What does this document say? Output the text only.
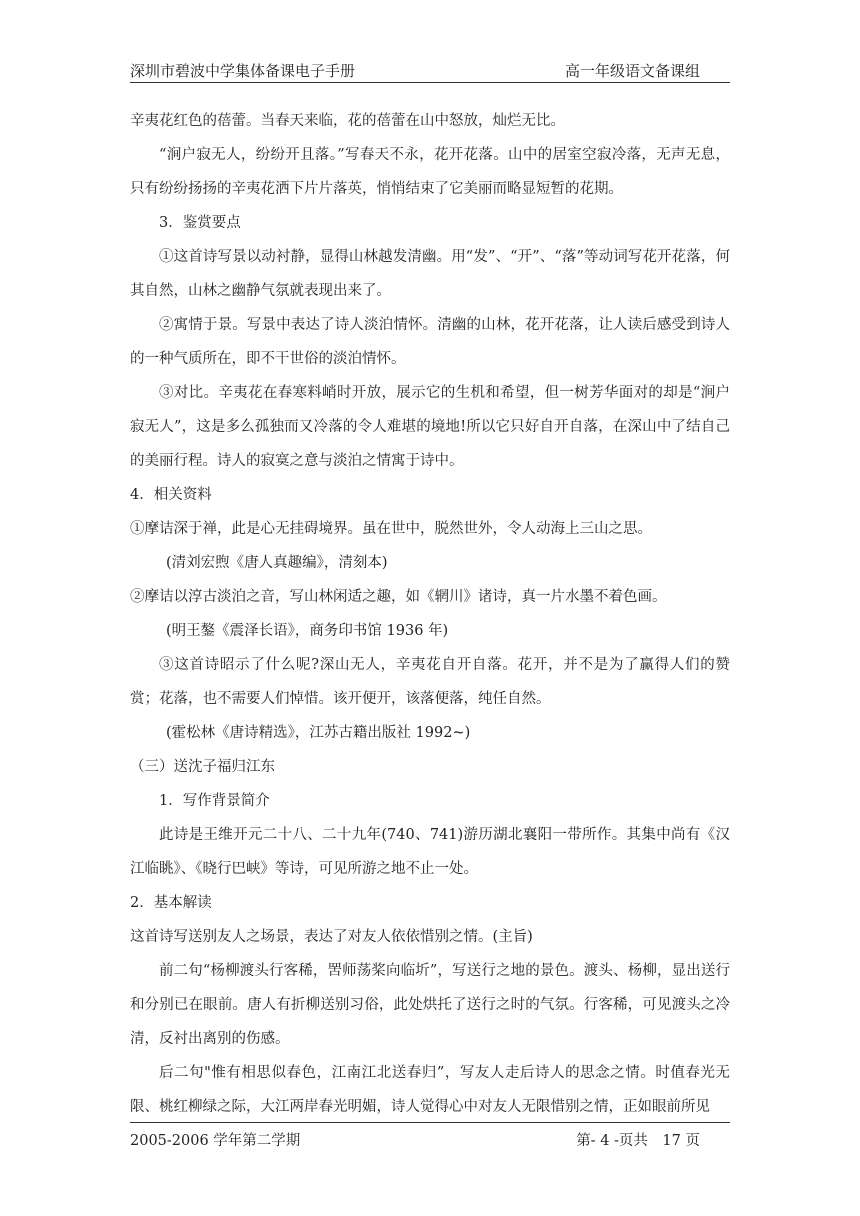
深圳市碧波中学集体备课电子手册	高一年级语文备课组

辛夷花红色的蓓蕾。当春天来临，花的蓓蕾在山中怒放，灿烂无比。

“涧户寂无人，纷纷开且落。”写春天不永，花开花落。山中的居室空寂冷落，无声无息，只有纷纷扬扬的辛夷花洒下片片落英，悄悄结束了它美丽而略显短暂的花期。

3．鉴赏要点

①这首诗写景以动衬静，显得山林越发清幽。用“发”、“开”、“落”等动词写花开花落，何其自然，山林之幽静气氛就表现出来了。

②寓情于景。写景中表达了诗人淡泊情怀。清幽的山林，花开花落，让人读后感受到诗人的一种气质所在，即不干世俗的淡泊情怀。

③对比。辛夷花在春寒料峭时开放，展示它的生机和希望，但一树芳华面对的却是“涧户寂无人”，这是多么孤独而又冷落的令人难堪的境地!所以它只好自开自落，在深山中了结自己的美丽行程。诗人的寂寞之意与淡泊之情寓于诗中。

4．相关资料

①摩诘深于禅，此是心无挂碍境界。虽在世中，脱然世外，令人动海上三山之思。

(清刘宏煦《唐人真趣编》，清刻本)

②摩诘以淳古淡泊之音，写山林闲适之趣，如《辋川》诸诗，真一片水墨不着色画。

(明王鏊《震泽长语》，商务印书馆 1936 年)

③这首诗昭示了什么呢?深山无人，辛夷花自开自落。花开，并不是为了赢得人们的赞赏；花落，也不需要人们悼惜。该开便开，该落便落，纯任自然。

(霍松林《唐诗精选》，江苏古籍出版社 1992~)

（三）送沈子福归江东

1．写作背景简介

此诗是王维开元二十八、二十九年(740、741)游历湖北襄阳一带所作。其集中尚有《汉江临眺》、《晓行巴峡》等诗，可见所游之地不止一处。

2．基本解读

这首诗写送别友人之场景，表达了对友人依依惜别之情。(主旨)

前二句“杨柳渡头行客稀，罟师荡桨向临圻”，写送行之地的景色。渡头、杨柳，显出送行和分别已在眼前。唐人有折柳送别习俗，此处烘托了送行之时的气氛。行客稀，可见渡头之冷清，反衬出离别的伤感。

后二句"惟有相思似春色，江南江北送春归”，写友人走后诗人的思念之情。时值春光无限、桃红柳绿之际，大江两岸春光明媚，诗人觉得心中对友人无限惜别之情，正如眼前所见

2005-2006 学年第二学期	第- 4 -页共　17 页
